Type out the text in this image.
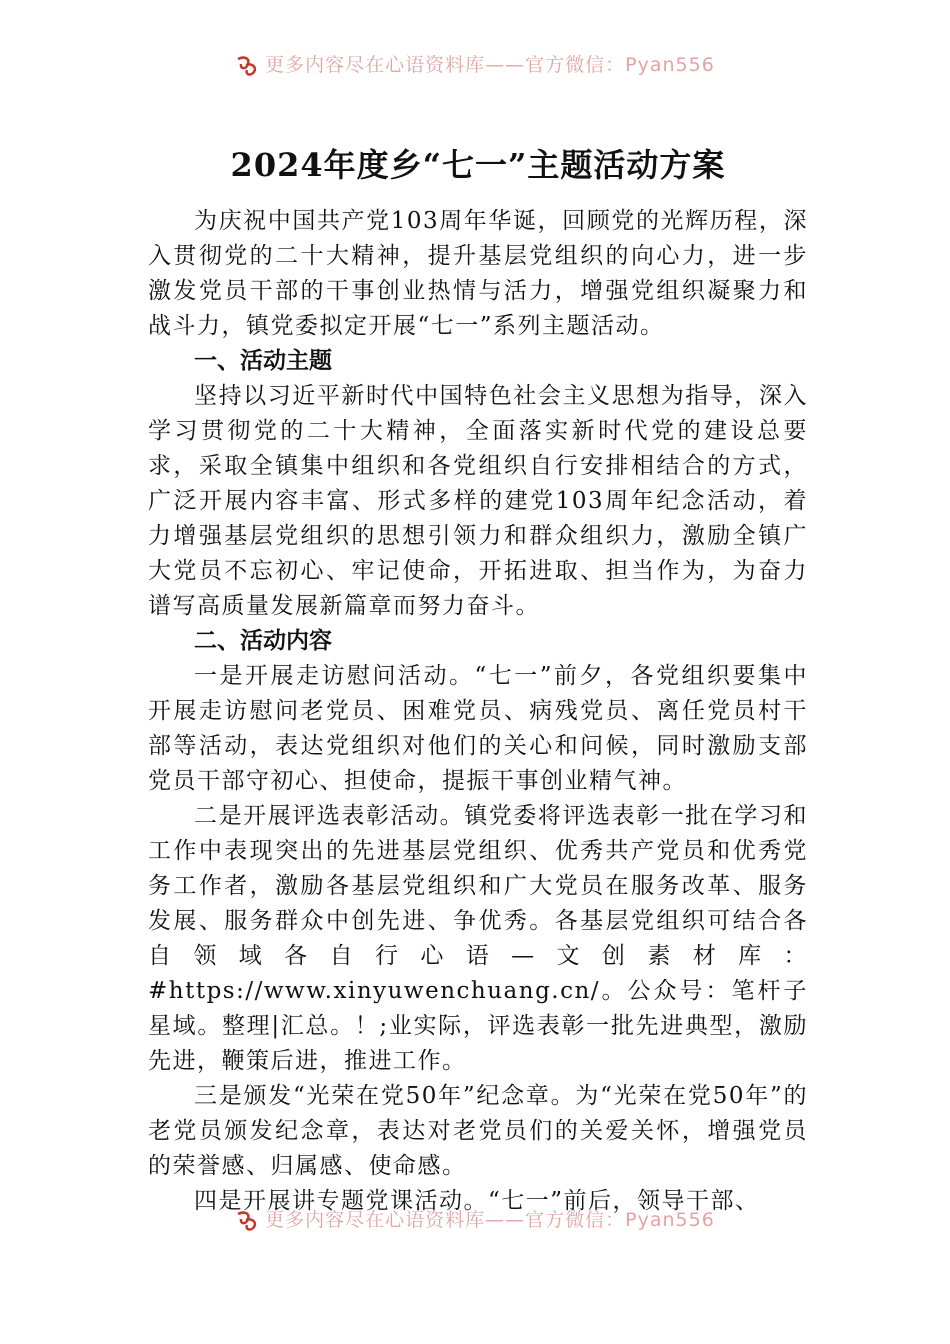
更多内容尽在心语资料库——官方微信：Pyan556
2024年度乡“七一”主题活动方案

为庆祝中国共产党103周年华诞，回顾党的光辉历程，深入贯彻党的二十大精神，提升基层党组织的向心力，进一步激发党员干部的干事创业热情与活力，增强党组织凝聚力和战斗力，镇党委拟定开展“七一”系列主题活动。

一、活动主题

坚持以习近平新时代中国特色社会主义思想为指导，深入学习贯彻党的二十大精神，全面落实新时代党的建设总要求，采取全镇集中组织和各党组织自行安排相结合的方式，广泛开展内容丰富、形式多样的建党103周年纪念活动，着力增强基层党组织的思想引领力和群众组织力，激励全镇广大党员不忘初心、牢记使命，开拓进取、担当作为，为奋力谱写高质量发展新篇章而努力奋斗。

二、活动内容

一是开展走访慰问活动。“七一”前夕，各党组织要集中开展走访慰问老党员、困难党员、病残党员、离任党员村干部等活动，表达党组织对他们的关心和问候，同时激励支部党员干部守初心、担使命，提振干事创业精气神。

二是开展评选表彰活动。镇党委将评选表彰一批在学习和工作中表现突出的先进基层党组织、优秀共产党员和优秀党务工作者，激励各基层党组织和广大党员在服务改革、服务发展、服务群众中创先进、争优秀。各基层党组织可结合各自领域各自行心语—文创素材库：#https://www.xinyuwenchuang.cn/。公众号：笔杆子星域。整理|汇总。！;业实际，评选表彰一批先进典型，激励先进，鞭策后进，推进工作。

三是颁发“光荣在党50年”纪念章。为“光荣在党50年”的老党员颁发纪念章，表达对老党员们的关爱关怀，增强党员的荣誉感、归属感、使命感。

四是开展讲专题党课活动。“七一”前后，领导干部、

更多内容尽在心语资料库——官方微信：Pyan556
